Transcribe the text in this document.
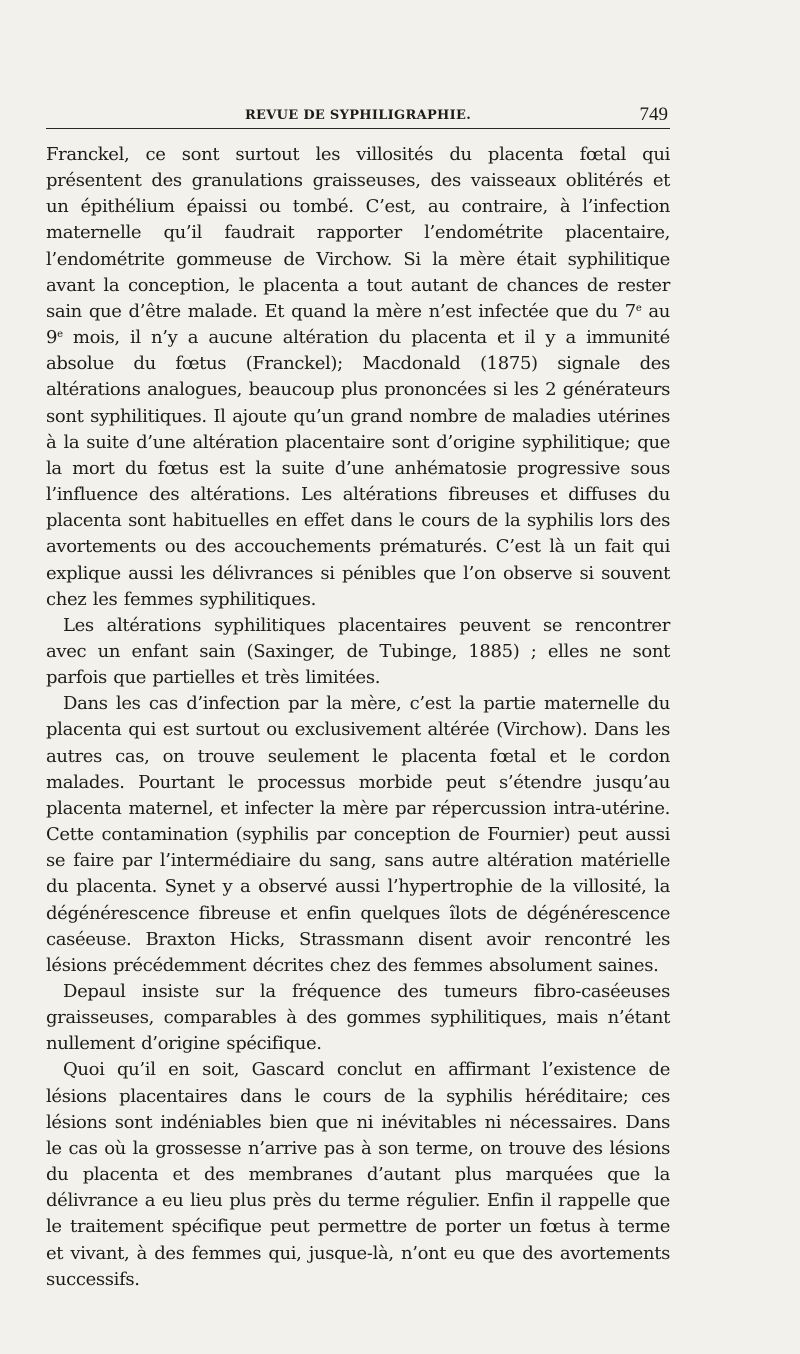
REVUE DE SYPHILIGRAPHIE.	749

Franckel, ce sont surtout les villosités du placenta fœtal qui présentent des granulations graisseuses, des vaisseaux oblitérés et un épithélium épaissi ou tombé. C’est, au contraire, à l’infection maternelle qu’il faudrait rapporter l’endométrite placentaire, l’endométrite gommeuse de Virchow. Si la mère était syphilitique avant la conception, le placenta a tout autant de chances de rester sain que d’être malade. Et quand la mère n’est infectée que du 7e au 9e mois, il n’y a aucune altération du placenta et il y a immunité absolue du fœtus (Franckel); Macdonald (1875) signale des altérations analogues, beaucoup plus prononcées si les 2 générateurs sont syphilitiques. Il ajoute qu’un grand nombre de maladies utérines à la suite d’une altération placentaire sont d’origine syphilitique; que la mort du fœtus est la suite d’une anhématosie progressive sous l’influence des altérations. Les altérations fibreuses et diffuses du placenta sont habituelles en effet dans le cours de la syphilis lors des avortements ou des accouchements prématurés. C’est là un fait qui explique aussi les délivrances si pénibles que l’on observe si souvent chez les femmes syphilitiques.

Les altérations syphilitiques placentaires peuvent se rencontrer avec un enfant sain (Saxinger, de Tubinge, 1885) ; elles ne sont parfois que partielles et très limitées.

Dans les cas d’infection par la mère, c’est la partie maternelle du placenta qui est surtout ou exclusivement altérée (Virchow). Dans les autres cas, on trouve seulement le placenta fœtal et le cordon malades. Pourtant le processus morbide peut s’étendre jusqu’au placenta maternel, et infecter la mère par répercussion intra-utérine. Cette contamination (syphilis par conception de Fournier) peut aussi se faire par l’intermédiaire du sang, sans autre altération matérielle du placenta. Synet y a observé aussi l’hypertrophie de la villosité, la dégénérescence fibreuse et enfin quelques îlots de dégénérescence caséeuse. Braxton Hicks, Strassmann disent avoir rencontré les lésions précédemment décrites chez des femmes absolument saines.

Depaul insiste sur la fréquence des tumeurs fibro-caséeuses graisseuses, comparables à des gommes syphilitiques, mais n’étant nullement d’origine spécifique.

Quoi qu’il en soit, Gascard conclut en affirmant l’existence de lésions placentaires dans le cours de la syphilis héréditaire; ces lésions sont indéniables bien que ni inévitables ni nécessaires. Dans le cas où la grossesse n’arrive pas à son terme, on trouve des lésions du placenta et des membranes d’autant plus marquées que la délivrance a eu lieu plus près du terme régulier. Enfin il rappelle que le traitement spécifique peut permettre de porter un fœtus à terme et vivant, à des femmes qui, jusque-là, n’ont eu que des avortements successifs.
